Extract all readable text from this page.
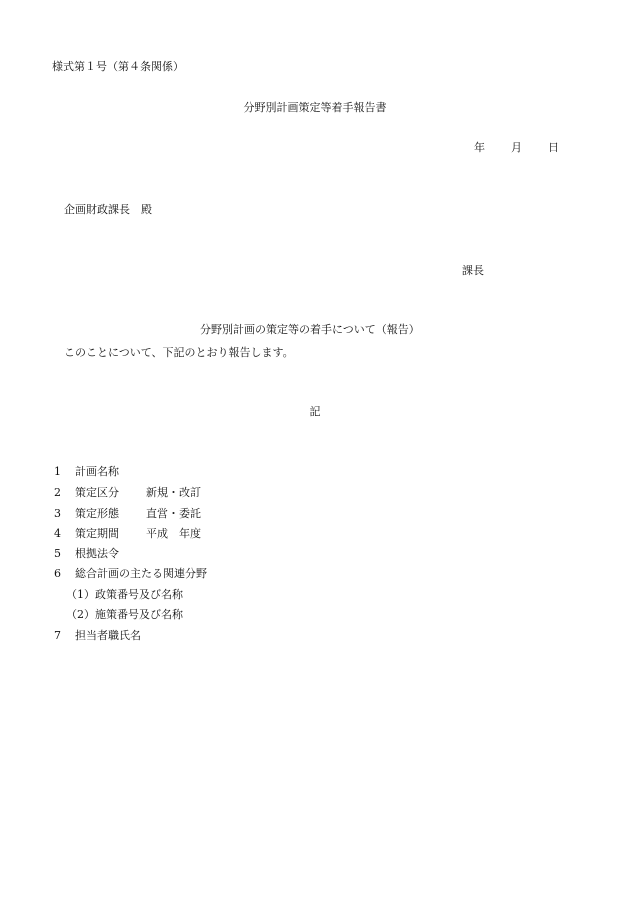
様式第１号（第４条関係）
分野別計画策定等着手報告書
年 月 日
企画財政課長　殿
課長
分野別計画の策定等の着手について（報告）
このことについて、下記のとおり報告します。
記
1 計画名称
2 策定区分 新規・改訂
3 策定形態 直営・委託
4 策定期間 平成　年度
5 根拠法令
6 総合計画の主たる関連分野
（1）政策番号及び名称
（2）施策番号及び名称
7 担当者職氏名
